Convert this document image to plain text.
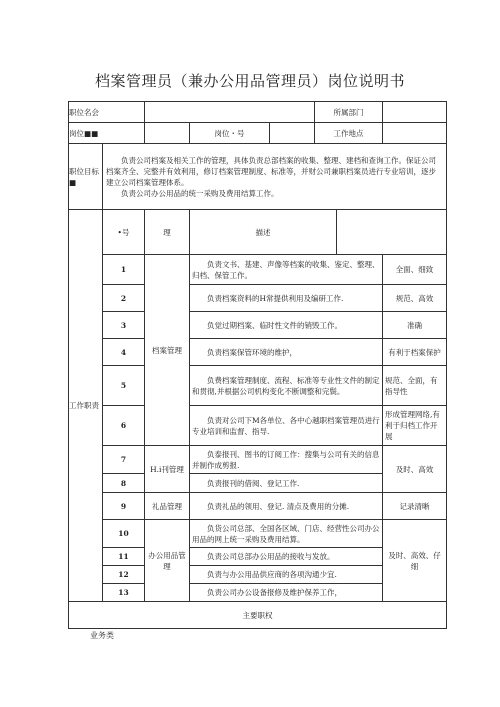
档案管理员（兼办公用品管理员）岗位说明书
职位名会					所属部门			
岗位■■			岗位・号		工作地点			
职位目标■	负责公司档案及相关工作的管理，具体负责总部档案的收集、整理、建档和查询工作。保证公司档案齐全、完整并有效利用，修订档案管理制度、标准等，并财公司兼职档案员进行专业培训，逐步建立公司档案管理体系。
负责公司办公用品的统一采购及费用结算工作。							

工作职责	•号	理	描述		
	1	档案管理	负责文书、基建、声像等档案的收集、鉴定、整理、归档、保管工作。				全面、细致	
	2		负责档案资料的H常提供利用及编研工作.				规范、高效	
	3		负觉过期档案、临时性文件的销毁工作。				准确	
	4		负责档案保管环境的维护，				有利于档案保护	
	5		负费档案管理制度、流程、标准等专业性文件的制定和贯彻,并根据公司机构变化不断调整和完鬓。				规范、全面，有指导性	
	6		负责对公司下M各单位、各中心越职档案管理员进行专业培训和监督、指导.				形成管理网络,有利于归档工作开展	
	7	H.i刊管理	负泰报刊、图书的订阅工作：搜集与公司有关的信息并制作成剪报.				及时、高效	
	8		负责报刊的借阅、登记工作.					
	9	礼品管理	负责礼品的领用、登记. 清点及费用的分摊.				记录清晰	
	10	办公用品管理	负货公司总部、全国各区域、门店、经营性公司办公用品的网上统一采购及费用结算。				及时、高效、仔细	
	11		负责公司总部办公用品的接收与发放。					
	12		负责与办公用品供应商的各项沟通少宜.					
	13		负责公司办公设备报修及维护保养工作，					
主要职权								
业务类
